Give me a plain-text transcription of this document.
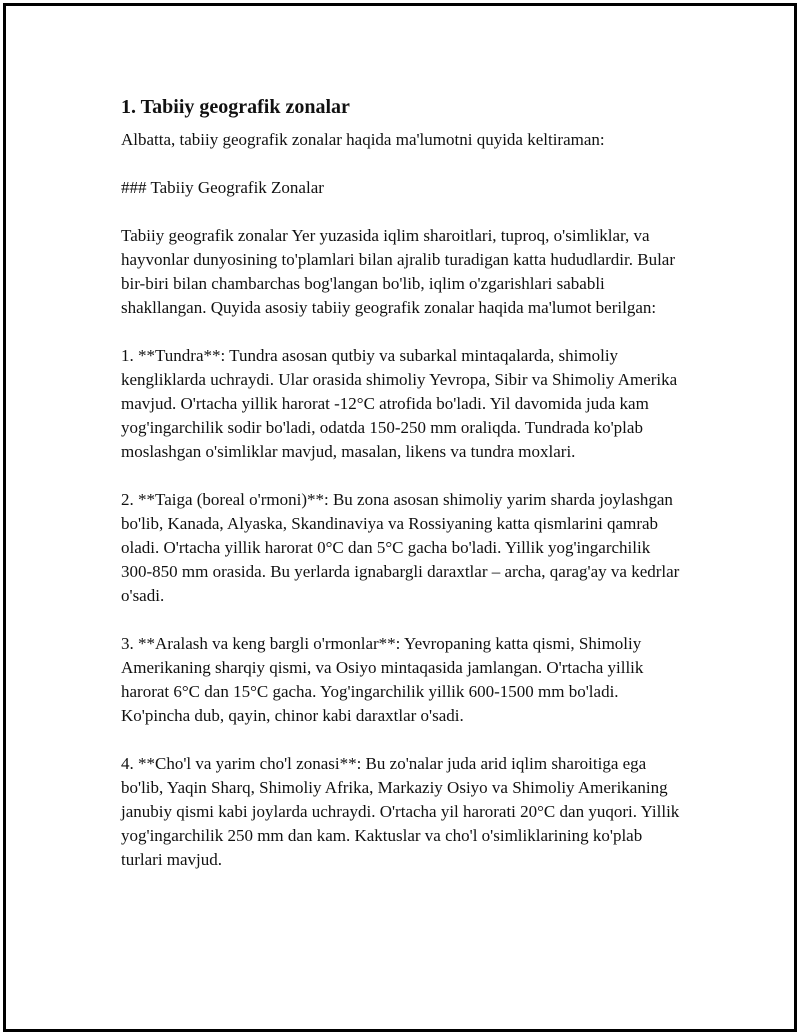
1. Tabiiy geografik zonalar

Albatta, tabiiy geografik zonalar haqida ma'lumotni quyida keltiraman:

### Tabiiy Geografik Zonalar

Tabiiy geografik zonalar Yer yuzasida iqlim sharoitlari, tuproq, o'simliklar, va hayvonlar dunyosining to'plamlari bilan ajralib turadigan katta hududlardir. Bular bir-biri bilan chambarchas bog'langan bo'lib, iqlim o'zgarishlari sababli shakllangan. Quyida asosiy tabiiy geografik zonalar haqida ma'lumot berilgan:

1. **Tundra**: Tundra asosan qutbiy va subarkal mintaqalarda, shimoliy kengliklarda uchraydi. Ular orasida shimoliy Yevropa, Sibir va Shimoliy Amerika mavjud. O'rtacha yillik harorat -12°C atrofida bo'ladi. Yil davomida juda kam yog'ingarchilik sodir bo'ladi, odatda 150-250 mm oraliqda. Tundrada ko'plab moslashgan o'simliklar mavjud, masalan, likens va tundra moxlari.

2. **Taiga (boreal o'rmoni)**: Bu zona asosan shimoliy yarim sharda joylashgan bo'lib, Kanada, Alyaska, Skandinaviya va Rossiyaning katta qismlarini qamrab oladi. O'rtacha yillik harorat 0°C dan 5°C gacha bo'ladi. Yillik yog'ingarchilik 300-850 mm orasida. Bu yerlarda ignabargli daraxtlar – archa, qarag'ay va kedrlar o'sadi.

3. **Aralash va keng bargli o'rmonlar**: Yevropaning katta qismi, Shimoliy Amerikaning sharqiy qismi, va Osiyo mintaqasida jamlangan. O'rtacha yillik harorat 6°C dan 15°C gacha. Yog'ingarchilik yillik 600-1500 mm bo'ladi. Ko'pincha dub, qayin, chinor kabi daraxtlar o'sadi.

4. **Cho'l va yarim cho'l zonasi**: Bu zo'nalar juda arid iqlim sharoitiga ega bo'lib, Yaqin Sharq, Shimoliy Afrika, Markaziy Osiyo va Shimoliy Amerikaning janubiy qismi kabi joylarda uchraydi. O'rtacha yil harorati 20°C dan yuqori. Yillik yog'ingarchilik 250 mm dan kam. Kaktuslar va cho'l o'simliklarining ko'plab turlari mavjud.
